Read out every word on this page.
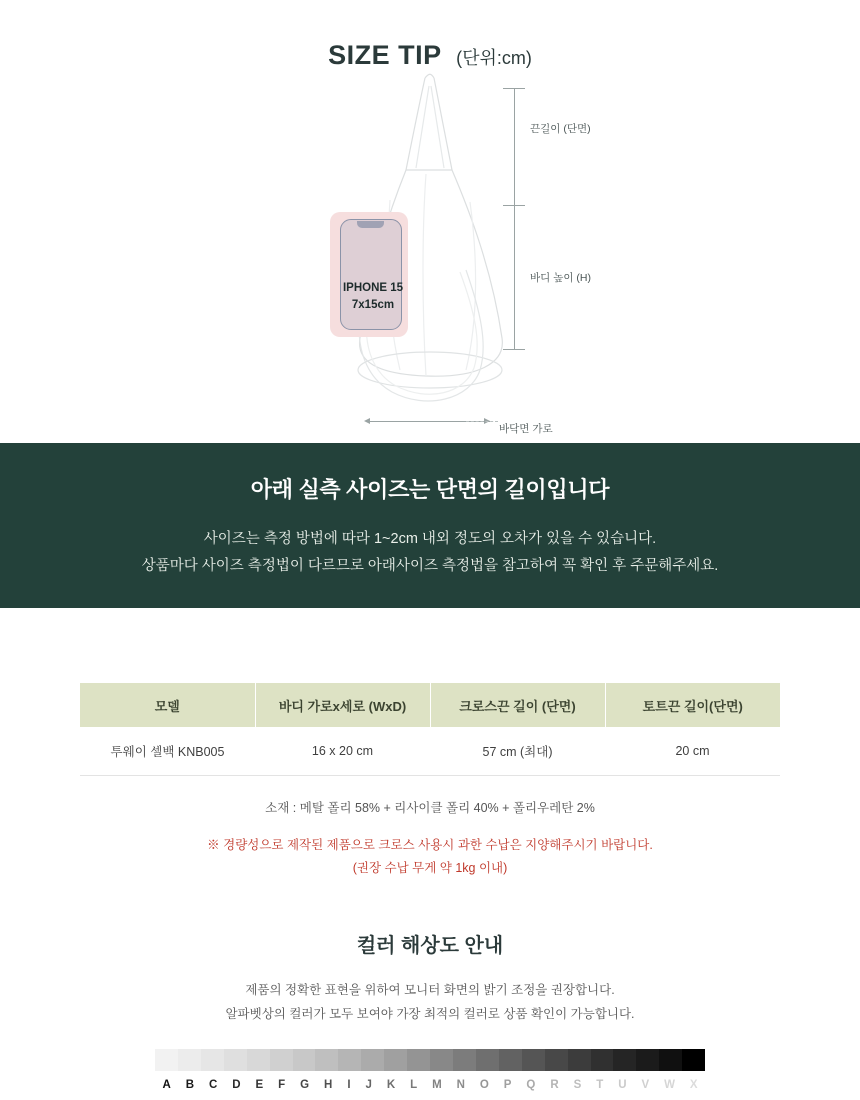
SIZE TIP (단위:cm)
IPHONE 15
7x15cm
끈길이 (단면)
바디 높이 (H)
바닥면 가로
아래 실측 사이즈는 단면의 길이입니다
사이즈는 측정 방법에 따라 1~2cm 내외 정도의 오차가 있을 수 있습니다.
상품마다 사이즈 측정법이 다르므로 아래사이즈 측정법을 참고하여 꼭 확인 후 주문해주세요.
모델	바디 가로x세로 (WxD)	크로스끈 길이 (단면)	토트끈 길이(단면)
투웨이 셀백 KNB005	16 x 20 cm	57 cm (최대)	20 cm
소재 : 메탈 폴리 58% + 리사이클 폴리 40% + 폴리우레탄 2%
※ 경량성으로 제작된 제품으로 크로스 사용시 과한 수납은 지양해주시기 바랍니다.
(권장 수납 무게 약 1kg 이내)
컬러 해상도 안내
제품의 정확한 표현을 위하여 모니터 화면의 밝기 조정을 권장합니다.
알파벳상의 컬러가 모두 보여야 가장 최적의 컬러로 상품 확인이 가능합니다.
A	B	C	D	E	F	G	H	I	J	K	L	M	N	O	P	Q	R	S	T	U	V	W	X
